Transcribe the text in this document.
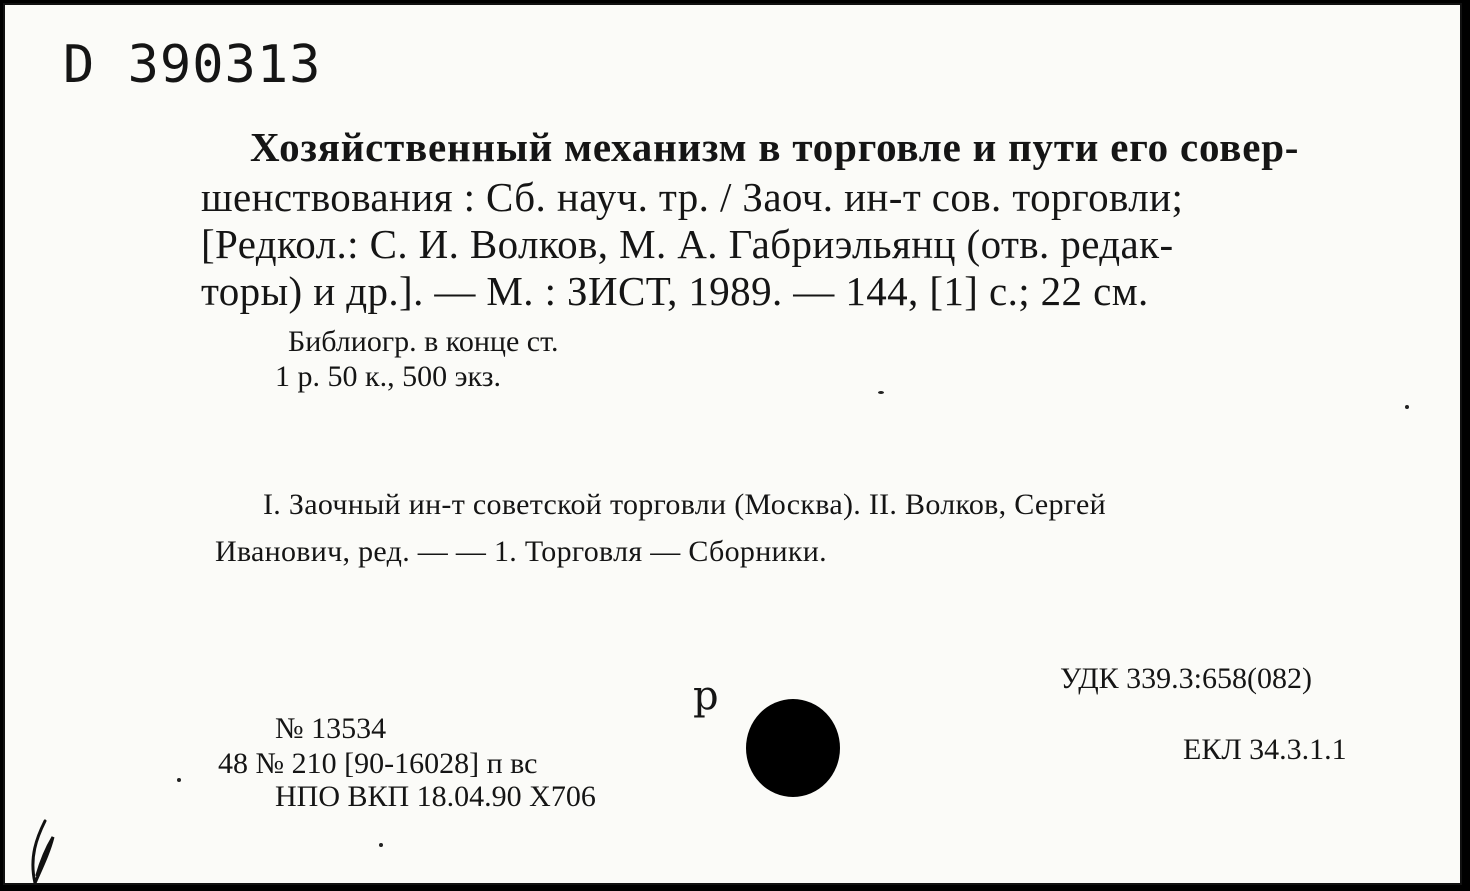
D 390313
Хозяйственный механизм в торговле и пути его совер-
шенствования : Сб. науч. тр. / Заоч. ин-т сов. торговли;
[Редкол.: С. И. Волков, М. А. Габриэльянц (отв. редак-
торы) и др.]. — М. : ЗИСТ, 1989. — 144, [1] с.; 22 см.
Библиогр. в конце ст.
1 р. 50 к., 500 экз.
I. Заочный ин-т советской торговли (Москва). II. Волков, Сергей
Иванович, ред. — — 1. Торговля — Сборники.
УДК 339.3:658(082)
ЕКЛ 34.3.1.1
№ 13534
48 № 210 [90-16028] п вс
НПО ВКП 18.04.90 Х706
р
